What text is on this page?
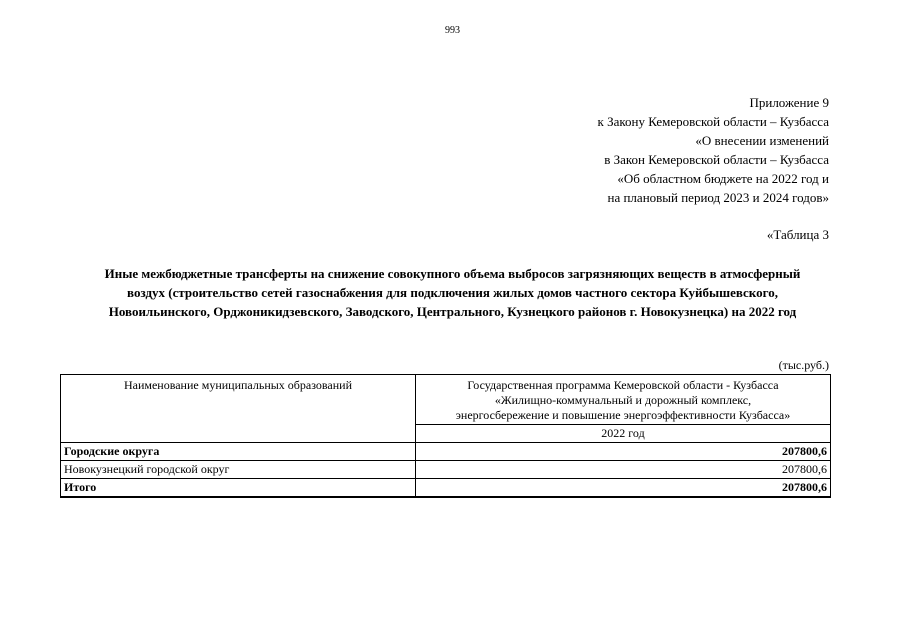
993
Приложение 9
к Закону Кемеровской области – Кузбасса
«О внесении изменений
в Закон Кемеровской области – Кузбасса
«Об областном бюджете на 2022 год и
на плановый период 2023 и 2024 годов»
«Таблица 3
Иные межбюджетные трансферты на снижение совокупного объема выбросов загрязняющих веществ в атмосферный
воздух (строительство сетей газоснабжения для подключения жилых домов частного сектора Куйбышевского,
Новоильинского, Орджоникидзевского, Заводского, Центрального, Кузнецкого районов г. Новокузнецка) на 2022 год
(тыс.руб.)
Наименование муниципальных образований	Государственная программа Кемеровской области - Кузбасса
«Жилищно-коммунальный и дорожный комплекс,
энергосбережение и повышение энергоэффективности Кузбасса»

	2022 год
Городские округа	207800,6
Новокузнецкий городской округ	207800,6
Итого	207800,6
